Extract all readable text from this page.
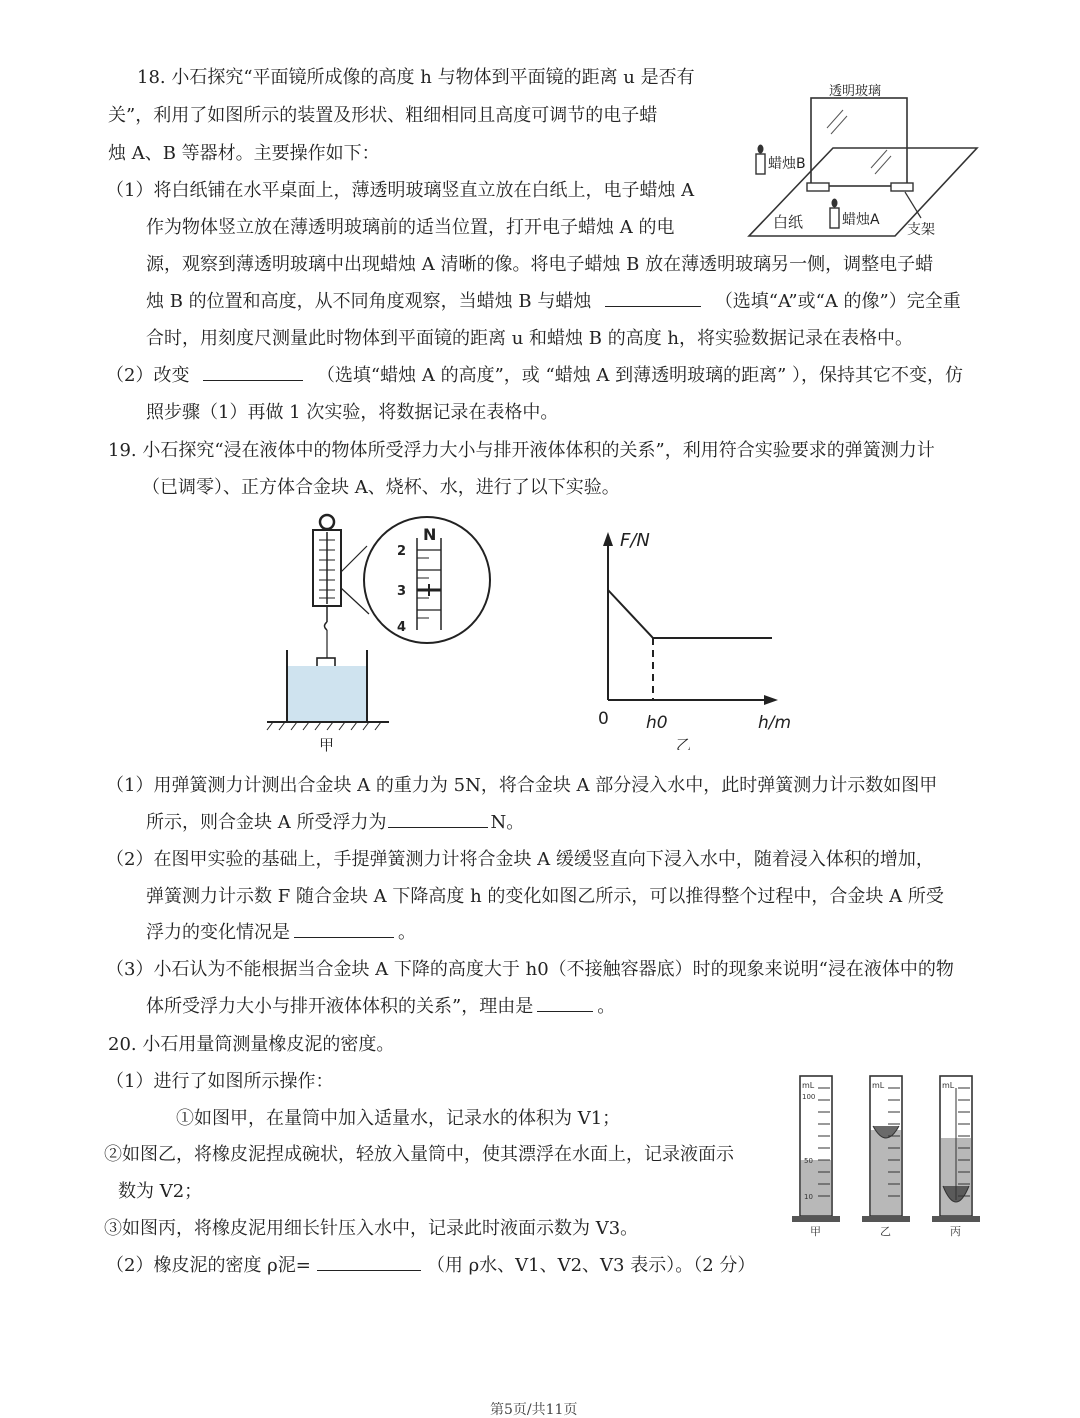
18. 小石探究“平面镜所成像的高度 h 与物体到平面镜的距离 u 是否有
关”，利用了如图所示的装置及形状、粗细相同且高度可调节的电子蜡
烛 A、B 等器材。主要操作如下：
（1）将白纸铺在水平桌面上，薄透明玻璃竖直立放在白纸上，电子蜡烛 A
作为物体竖立放在薄透明玻璃前的适当位置，打开电子蜡烛 A 的电
源，观察到薄透明玻璃中出现蜡烛 A 清晰的像。将电子蜡烛 B 放在薄透明玻璃另一侧，调整电子蜡
烛 B 的位置和高度，从不同角度观察，当蜡烛 B 与蜡烛	（选填“A”或“A 的像”）完全重
合时，用刻度尺测量此时物体到平面镜的距离 u 和蜡烛 B 的高度 h，将实验数据记录在表格中。
（2）改变	（选填“蜡烛 A 的高度”，或 “蜡烛 A 到薄透明玻璃的距离” ），保持其它不变，仿
照步骤（1）再做 1 次实验，将数据记录在表格中。
透明玻璃
蜡烛B
蜡烛A
白纸	支架
19. 小石探究“浸在液体中的物体所受浮力大小与排开液体体积的关系”，利用符合实验要求的弹簧测力计
（已调零）、正方体合金块 A、烧杯、水，进行了以下实验。
N
2
3
4
甲
F/N
0 h0	h/m
乙
（1）用弹簧测力计测出合金块 A 的重力为 5N，将合金块 A 部分浸入水中，此时弹簧测力计示数如图甲
所示，则合金块 A 所受浮力为	N。
（2）在图甲实验的基础上，手提弹簧测力计将合金块 A 缓缓竖直向下浸入水中，随着浸入体积的增加，
弹簧测力计示数 F 随合金块 A 下降高度 h 的变化如图乙所示，可以推得整个过程中，合金块 A 所受
浮力的变化情况是	。
（3）小石认为不能根据当合金块 A 下降的高度大于 h0（不接触容器底）时的现象来说明“浸在液体中的物
体所受浮力大小与排开液体体积的关系”，理由是	。
20. 小石用量筒测量橡皮泥的密度。
（1）进行了如图所示操作：
①如图甲，在量筒中加入适量水，记录水的体积为 V1；
②如图乙，将橡皮泥捏成碗状，轻放入量筒中，使其漂浮在水面上，记录液面示
数为 V2；
③如图丙，将橡皮泥用细长针压入水中，记录此时液面示数为 V3。
（2）橡皮泥的密度 ρ泥=	（用 ρ水、V1、V2、V3 表示）。（2 分）
mL
100
50
10
mL	mL
甲	乙	丙
第5页/共11页
